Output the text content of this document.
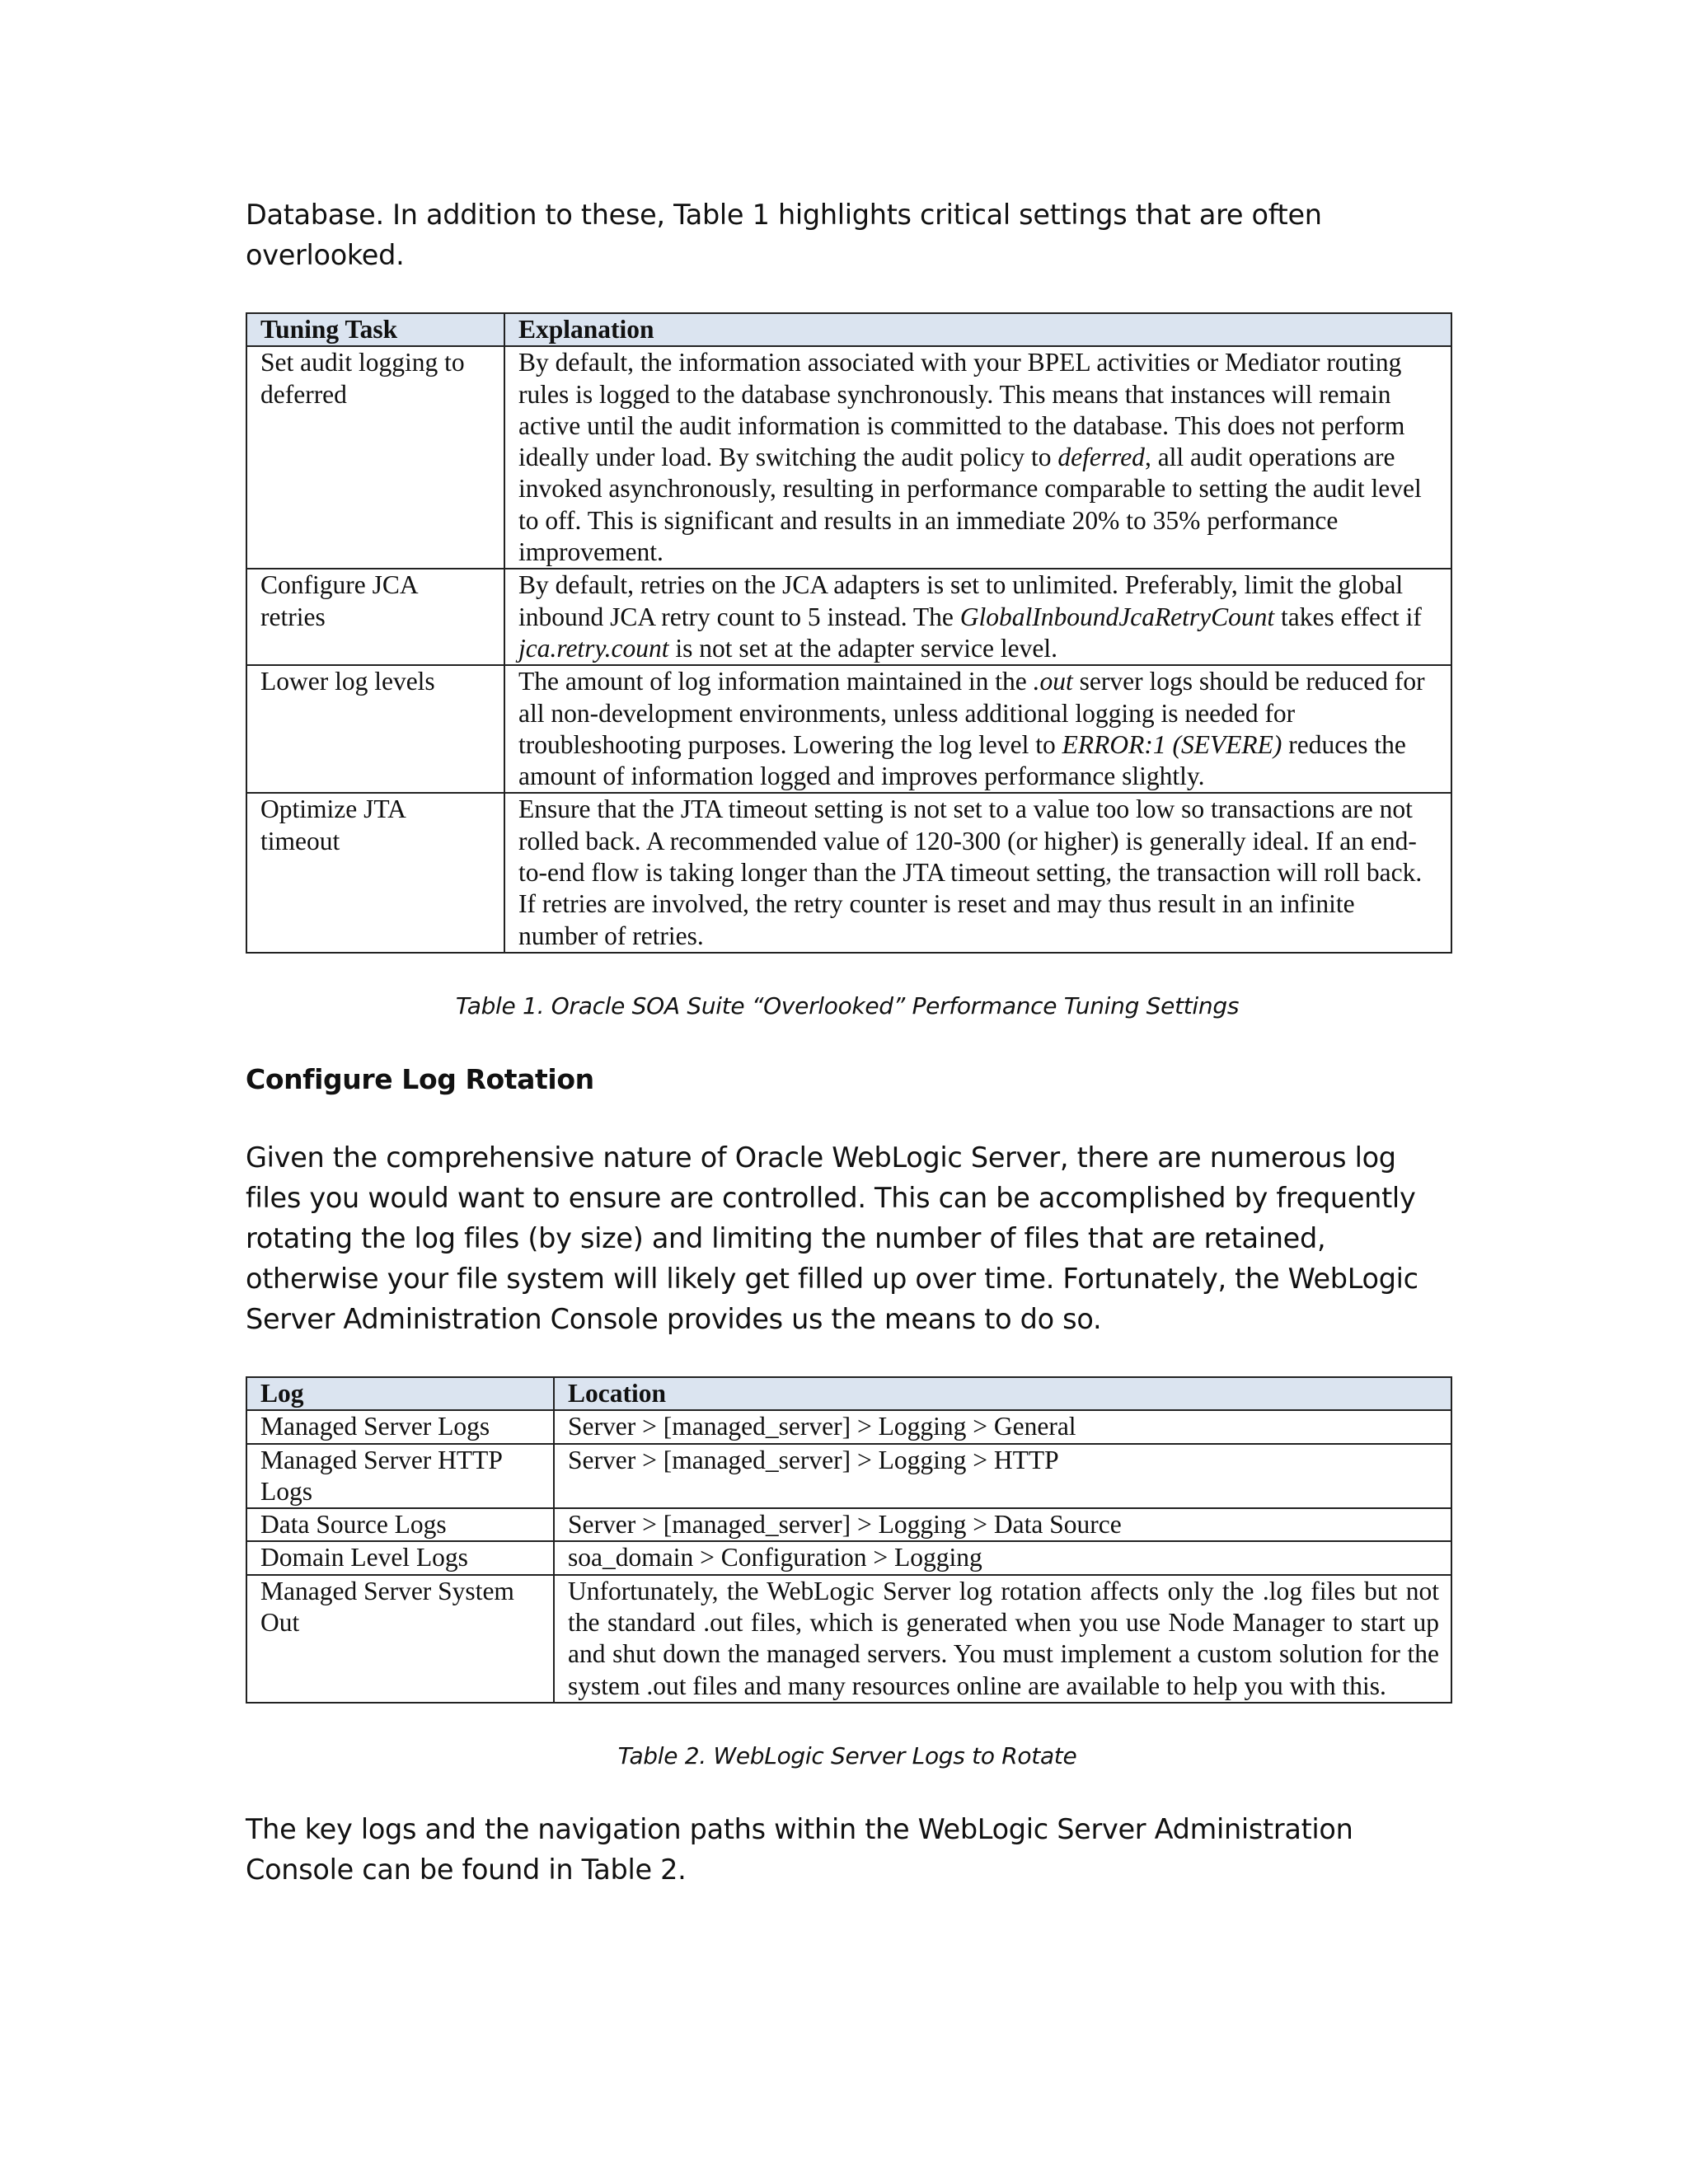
Database. In addition to these, Table 1 highlights critical settings that are often
overlooked.

Tuning Task	Explanation
Set audit logging to
deferred	By default, the information associated with your BPEL activities or Mediator routing rules is logged to the database synchronously. This means that instances will remain active until the audit information is committed to the database. This does not perform ideally under load. By switching the audit policy to deferred, all audit operations are invoked asynchronously, resulting in performance comparable to setting the audit level to off. This is significant and results in an immediate 20% to 35% performance improvement.
Configure JCA
retries	By default, retries on the JCA adapters is set to unlimited. Preferably, limit the global inbound JCA retry count to 5 instead. The GlobalInboundJcaRetryCount takes effect if jca.retry.count is not set at the adapter service level.
Lower log levels	The amount of log information maintained in the .out server logs should be reduced for all non-development environments, unless additional logging is needed for troubleshooting purposes. Lowering the log level to ERROR:1 (SEVERE) reduces the amount of information logged and improves performance slightly.
Optimize JTA
timeout	Ensure that the JTA timeout setting is not set to a value too low so transactions are not rolled back. A recommended value of 120-300 (or higher) is generally ideal. If an end-to-end flow is taking longer than the JTA timeout setting, the transaction will roll back. If retries are involved, the retry counter is reset and may thus result in an infinite number of retries.

Table 1. Oracle SOA Suite “Overlooked” Performance Tuning Settings

Configure Log Rotation

Given the comprehensive nature of Oracle WebLogic Server, there are numerous log
files you would want to ensure are controlled. This can be accomplished by frequently
rotating the log files (by size) and limiting the number of files that are retained,
otherwise your file system will likely get filled up over time. Fortunately, the WebLogic
Server Administration Console provides us the means to do so.

Log	Location
Managed Server Logs	Server > [managed_server] > Logging > General
Managed Server HTTP
Logs	Server > [managed_server] > Logging > HTTP
Data Source Logs	Server > [managed_server] > Logging > Data Source
Domain Level Logs	soa_domain > Configuration > Logging
Managed Server System
Out	Unfortunately, the WebLogic Server log rotation affects only the .log files but not the standard .out files, which is generated when you use Node Manager to start up and shut down the managed servers. You must implement a custom solution for the system .out files and many resources online are available to help you with this.

Table 2. WebLogic Server Logs to Rotate

The key logs and the navigation paths within the WebLogic Server Administration
Console can be found in Table 2.
